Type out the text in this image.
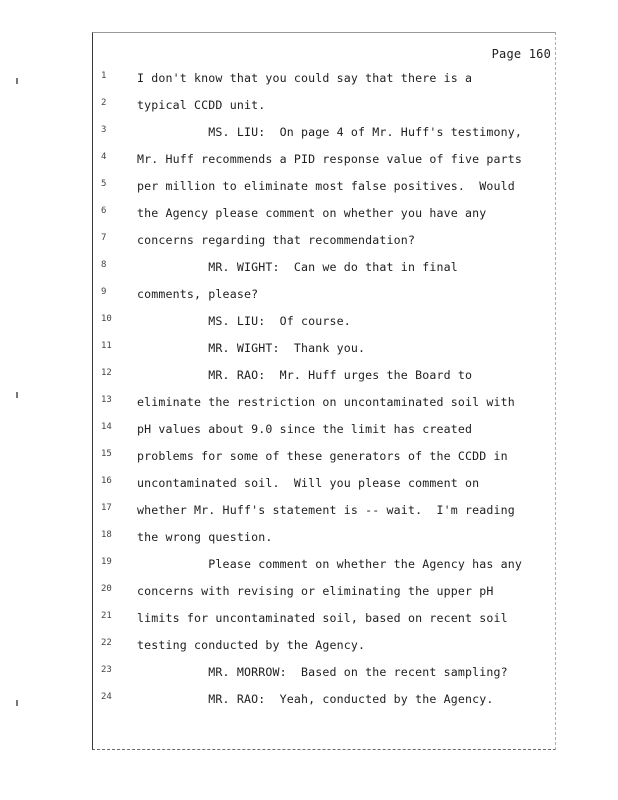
Page 160
1	I don't know that you could say that there is a
2	typical CCDD unit.
3	MS. LIU:  On page 4 of Mr. Huff's testimony,
4	Mr. Huff recommends a PID response value of five parts
5	per million to eliminate most false positives.  Would
6	the Agency please comment on whether you have any
7	concerns regarding that recommendation?
8	MR. WIGHT:  Can we do that in final
9	comments, please?
10	MS. LIU:  Of course.
11	MR. WIGHT:  Thank you.
12	MR. RAO:  Mr. Huff urges the Board to
13	eliminate the restriction on uncontaminated soil with
14	pH values about 9.0 since the limit has created
15	problems for some of these generators of the CCDD in
16	uncontaminated soil.  Will you please comment on
17	whether Mr. Huff's statement is -- wait.  I'm reading
18	the wrong question.
19	Please comment on whether the Agency has any
20	concerns with revising or eliminating the upper pH
21	limits for uncontaminated soil, based on recent soil
22	testing conducted by the Agency.
23	MR. MORROW:  Based on the recent sampling?
24	MR. RAO:  Yeah, conducted by the Agency.
